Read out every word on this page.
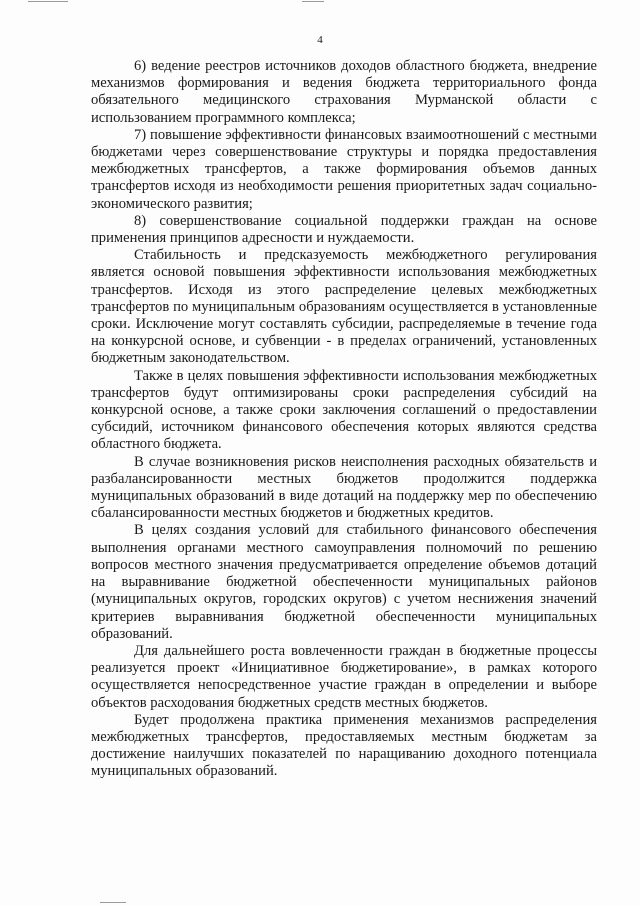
4

6) ведение реестров источников доходов областного бюджета, внедрение механизмов формирования и ведения бюджета территориального фонда обязательного медицинского страхования Мурманской области с использованием программного комплекса;

7) повышение эффективности финансовых взаимоотношений с местными бюджетами через совершенствование структуры и порядка предоставления межбюджетных трансфертов, а также формирования объемов данных трансфертов исходя из необходимости решения приоритетных задач социально-экономического развития;

8) совершенствование социальной поддержки граждан на основе применения принципов адресности и нуждаемости.

Стабильность и предсказуемость межбюджетного регулирования является основой повышения эффективности использования межбюджетных трансфертов. Исходя из этого распределение целевых межбюджетных трансфертов по муниципальным образованиям осуществляется в установленные сроки. Исключение могут составлять субсидии, распределяемые в течение года на конкурсной основе, и субвенции - в пределах ограничений, установленных бюджетным законодательством.

Также в целях повышения эффективности использования межбюджетных трансфертов будут оптимизированы сроки распределения субсидий на конкурсной основе, а также сроки заключения соглашений о предоставлении субсидий, источником финансового обеспечения которых являются средства областного бюджета.

В случае возникновения рисков неисполнения расходных обязательств и разбалансированности местных бюджетов продолжится поддержка муниципальных образований в виде дотаций на поддержку мер по обеспечению сбалансированности местных бюджетов и бюджетных кредитов.

В целях создания условий для стабильного финансового обеспечения выполнения органами местного самоуправления полномочий по решению вопросов местного значения предусматривается определение объемов дотаций на выравнивание бюджетной обеспеченности муниципальных районов (муниципальных округов, городских округов) с учетом неснижения значений критериев выравнивания бюджетной обеспеченности муниципальных образований.

Для дальнейшего роста вовлеченности граждан в бюджетные процессы реализуется проект «Инициативное бюджетирование», в рамках которого осуществляется непосредственное участие граждан в определении и выборе объектов расходования бюджетных средств местных бюджетов.

Будет продолжена практика применения механизмов распределения межбюджетных трансфертов, предоставляемых местным бюджетам за достижение наилучших показателей по наращиванию доходного потенциала муниципальных образований.
